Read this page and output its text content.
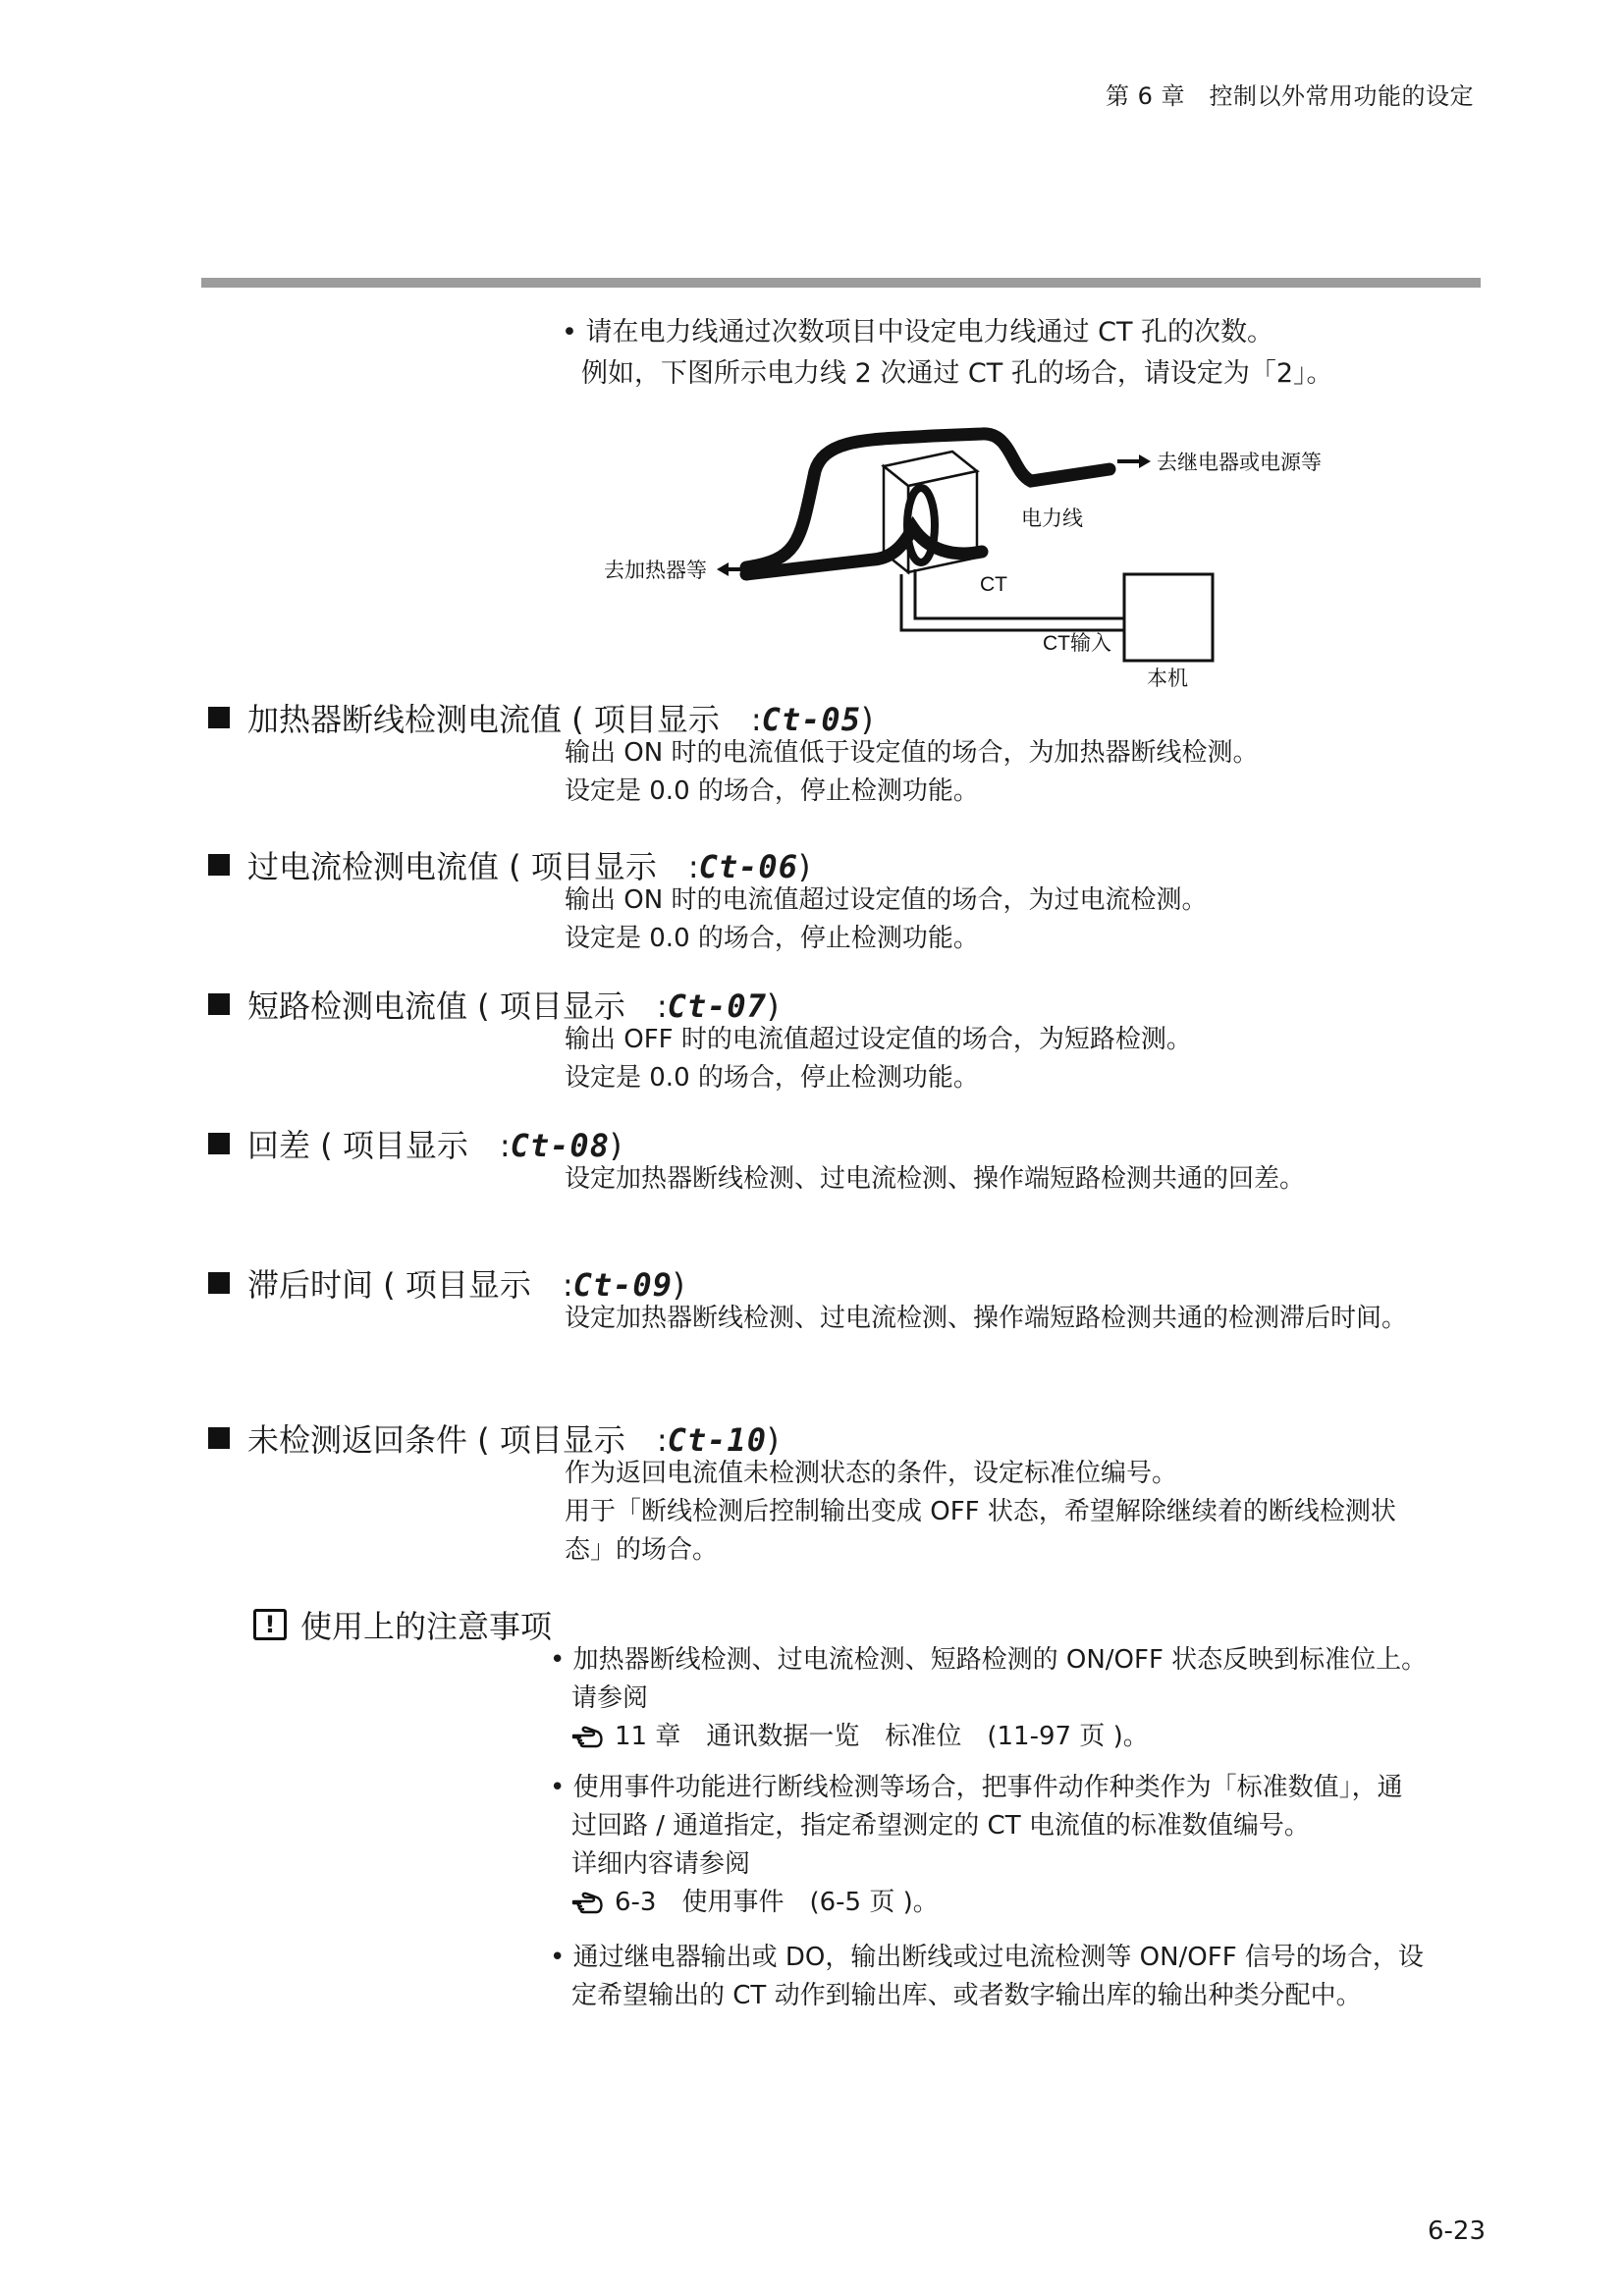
第 6 章　控制以外常用功能的设定
• 请在电力线通过次数项目中设定电力线通过 CT 孔的次数。
例如，下图所示电力线 2 次通过 CT 孔的场合，请设定为「2」。
去继电器或电源等
电力线
去加热器等
CT
CT输入
本机
加热器断线检测电流值 ( 项目显示　:Ct-05)
输出 ON 时的电流值低于设定值的场合，为加热器断线检测。
设定是 0.0 的场合，停止检测功能。
过电流检测电流值 ( 项目显示　:Ct-06)
输出 ON 时的电流值超过设定值的场合，为过电流检测。
设定是 0.0 的场合，停止检测功能。
短路检测电流值 ( 项目显示　:Ct-07)
输出 OFF 时的电流值超过设定值的场合，为短路检测。
设定是 0.0 的场合，停止检测功能。
回差 ( 项目显示　:Ct-08)
设定加热器断线检测、过电流检测、操作端短路检测共通的回差。
滞后时间 ( 项目显示　:Ct-09)
设定加热器断线检测、过电流检测、操作端短路检测共通的检测滞后时间。
未检测返回条件 ( 项目显示　:Ct-10)
作为返回电流值未检测状态的条件，设定标准位编号。
用于「断线检测后控制输出变成 OFF 状态，希望解除继续着的断线检测状
态」的场合。
! 使用上的注意事项
• 加热器断线检测、过电流检测、短路检测的 ON/OFF 状态反映到标准位上。
请参阅
11 章　通讯数据一览　标准位　(11-97 页 )。
• 使用事件功能进行断线检测等场合，把事件动作种类作为「标准数值」，通
过回路 / 通道指定，指定希望测定的 CT 电流值的标准数值编号。
详细内容请参阅
6-3　使用事件　(6-5 页 )。
• 通过继电器输出或 DO，输出断线或过电流检测等 ON/OFF 信号的场合，设
定希望输出的 CT 动作到输出库、或者数字输出库的输出种类分配中。
6-23
